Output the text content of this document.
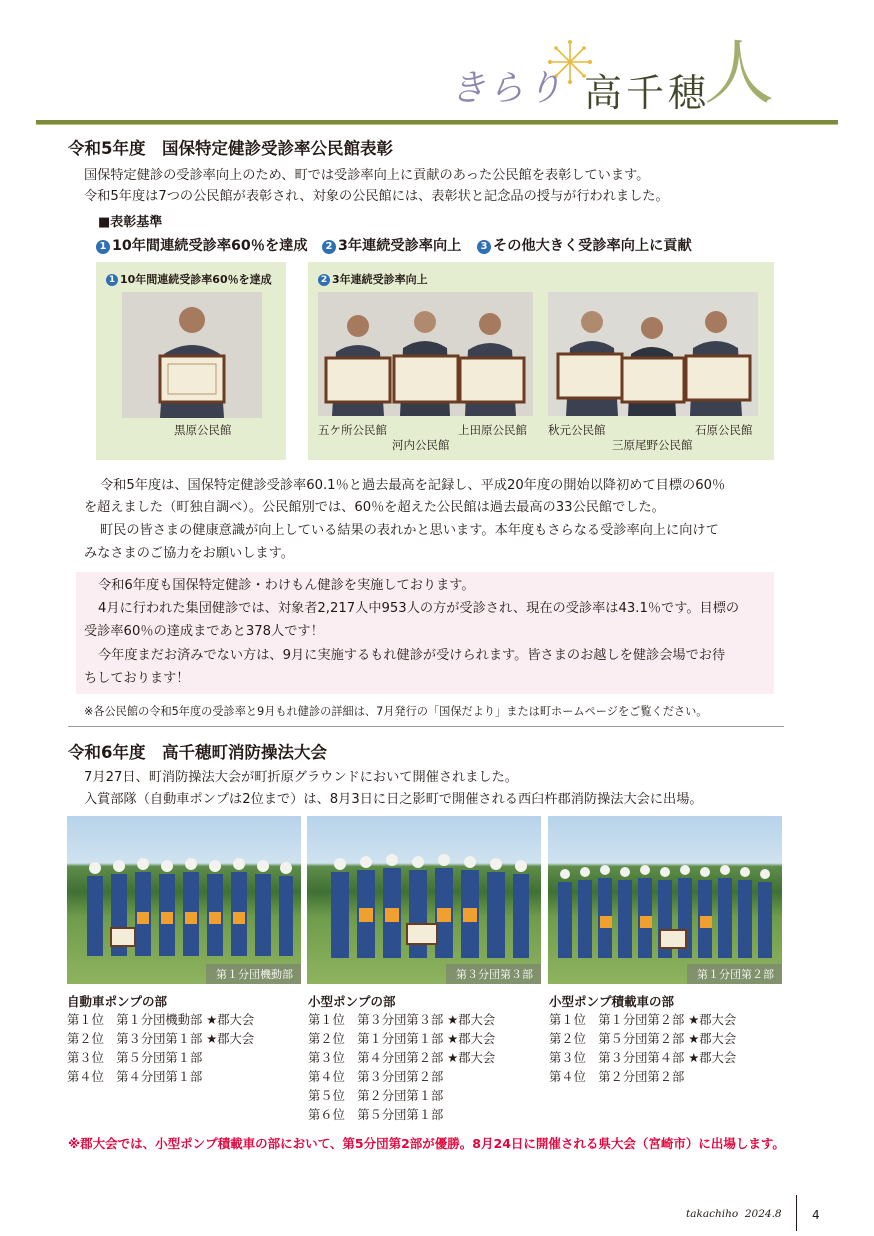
きらり 高千穂
人
令和5年度　国保特定健診受診率公民館表彰
国保特定健診の受診率向上のため、町では受診率向上に貢献のあった公民館を表彰しています。
令和5年度は7つの公民館が表彰され、対象の公民館には、表彰状と記念品の授与が行われました。
■表彰基準
1 10年間連続受診率60％を達成	2 3年連続受診率向上	3 その他大きく受診率向上に貢献
1 10年間連続受診率60％を達成
黒原公民館
2 3年連続受診率向上
五ケ所公民館	上田原公民館
河内公民館
秋元公民館	石原公民館
三原尾野公民館
令和5年度は、国保特定健診受診率60.1％と過去最高を記録し、平成20年度の開始以降初めて目標の60％
を超えました（町独自調べ）。公民館別では、60％を超えた公民館は過去最高の33公民館でした。
町民の皆さまの健康意識が向上している結果の表れかと思います。本年度もさらなる受診率向上に向けて
みなさまのご協力をお願いします。
令和6年度も国保特定健診・わけもん健診を実施しております。
4月に行われた集団健診では、対象者2,217人中953人の方が受診され、現在の受診率は43.1％です。目標の
受診率60％の達成まであと378人です！
今年度まだお済みでない方は、9月に実施するもれ健診が受けられます。皆さまのお越しを健診会場でお待
ちしております！
※各公民館の令和5年度の受診率と9月もれ健診の詳細は、7月発行の「国保だより」または町ホームページをご覧ください。
令和6年度　高千穂町消防操法大会
7月27日、町消防操法大会が町折原グラウンドにおいて開催されました。
入賞部隊（自動車ポンプは2位まで）は、8月3日に日之影町で開催される西臼杵郡消防操法大会に出場。
第１分団機動部	第３分団第３部	第１分団第２部
自動車ポンプの部
第１位　 第１分団機動部 ★郡大会
第２位　 第３分団第１部 ★郡大会
第３位　 第５分団第１部
第４位　 第４分団第１部
小型ポンプの部
第１位　 第３分団第３部 ★郡大会
第２位　 第１分団第１部 ★郡大会
第３位　 第４分団第２部 ★郡大会
第４位　 第３分団第２部
第５位　 第２分団第１部
第６位　 第５分団第１部
小型ポンプ積載車の部
第１位　 第１分団第２部 ★郡大会
第２位　 第５分団第２部 ★郡大会
第３位　 第３分団第４部 ★郡大会
第４位　 第２分団第２部
※郡大会では、小型ポンプ積載車の部において、第5分団第2部が優勝。8月24日に開催される県大会（宮崎市）に出場します。
takachiho 2024.8	4
